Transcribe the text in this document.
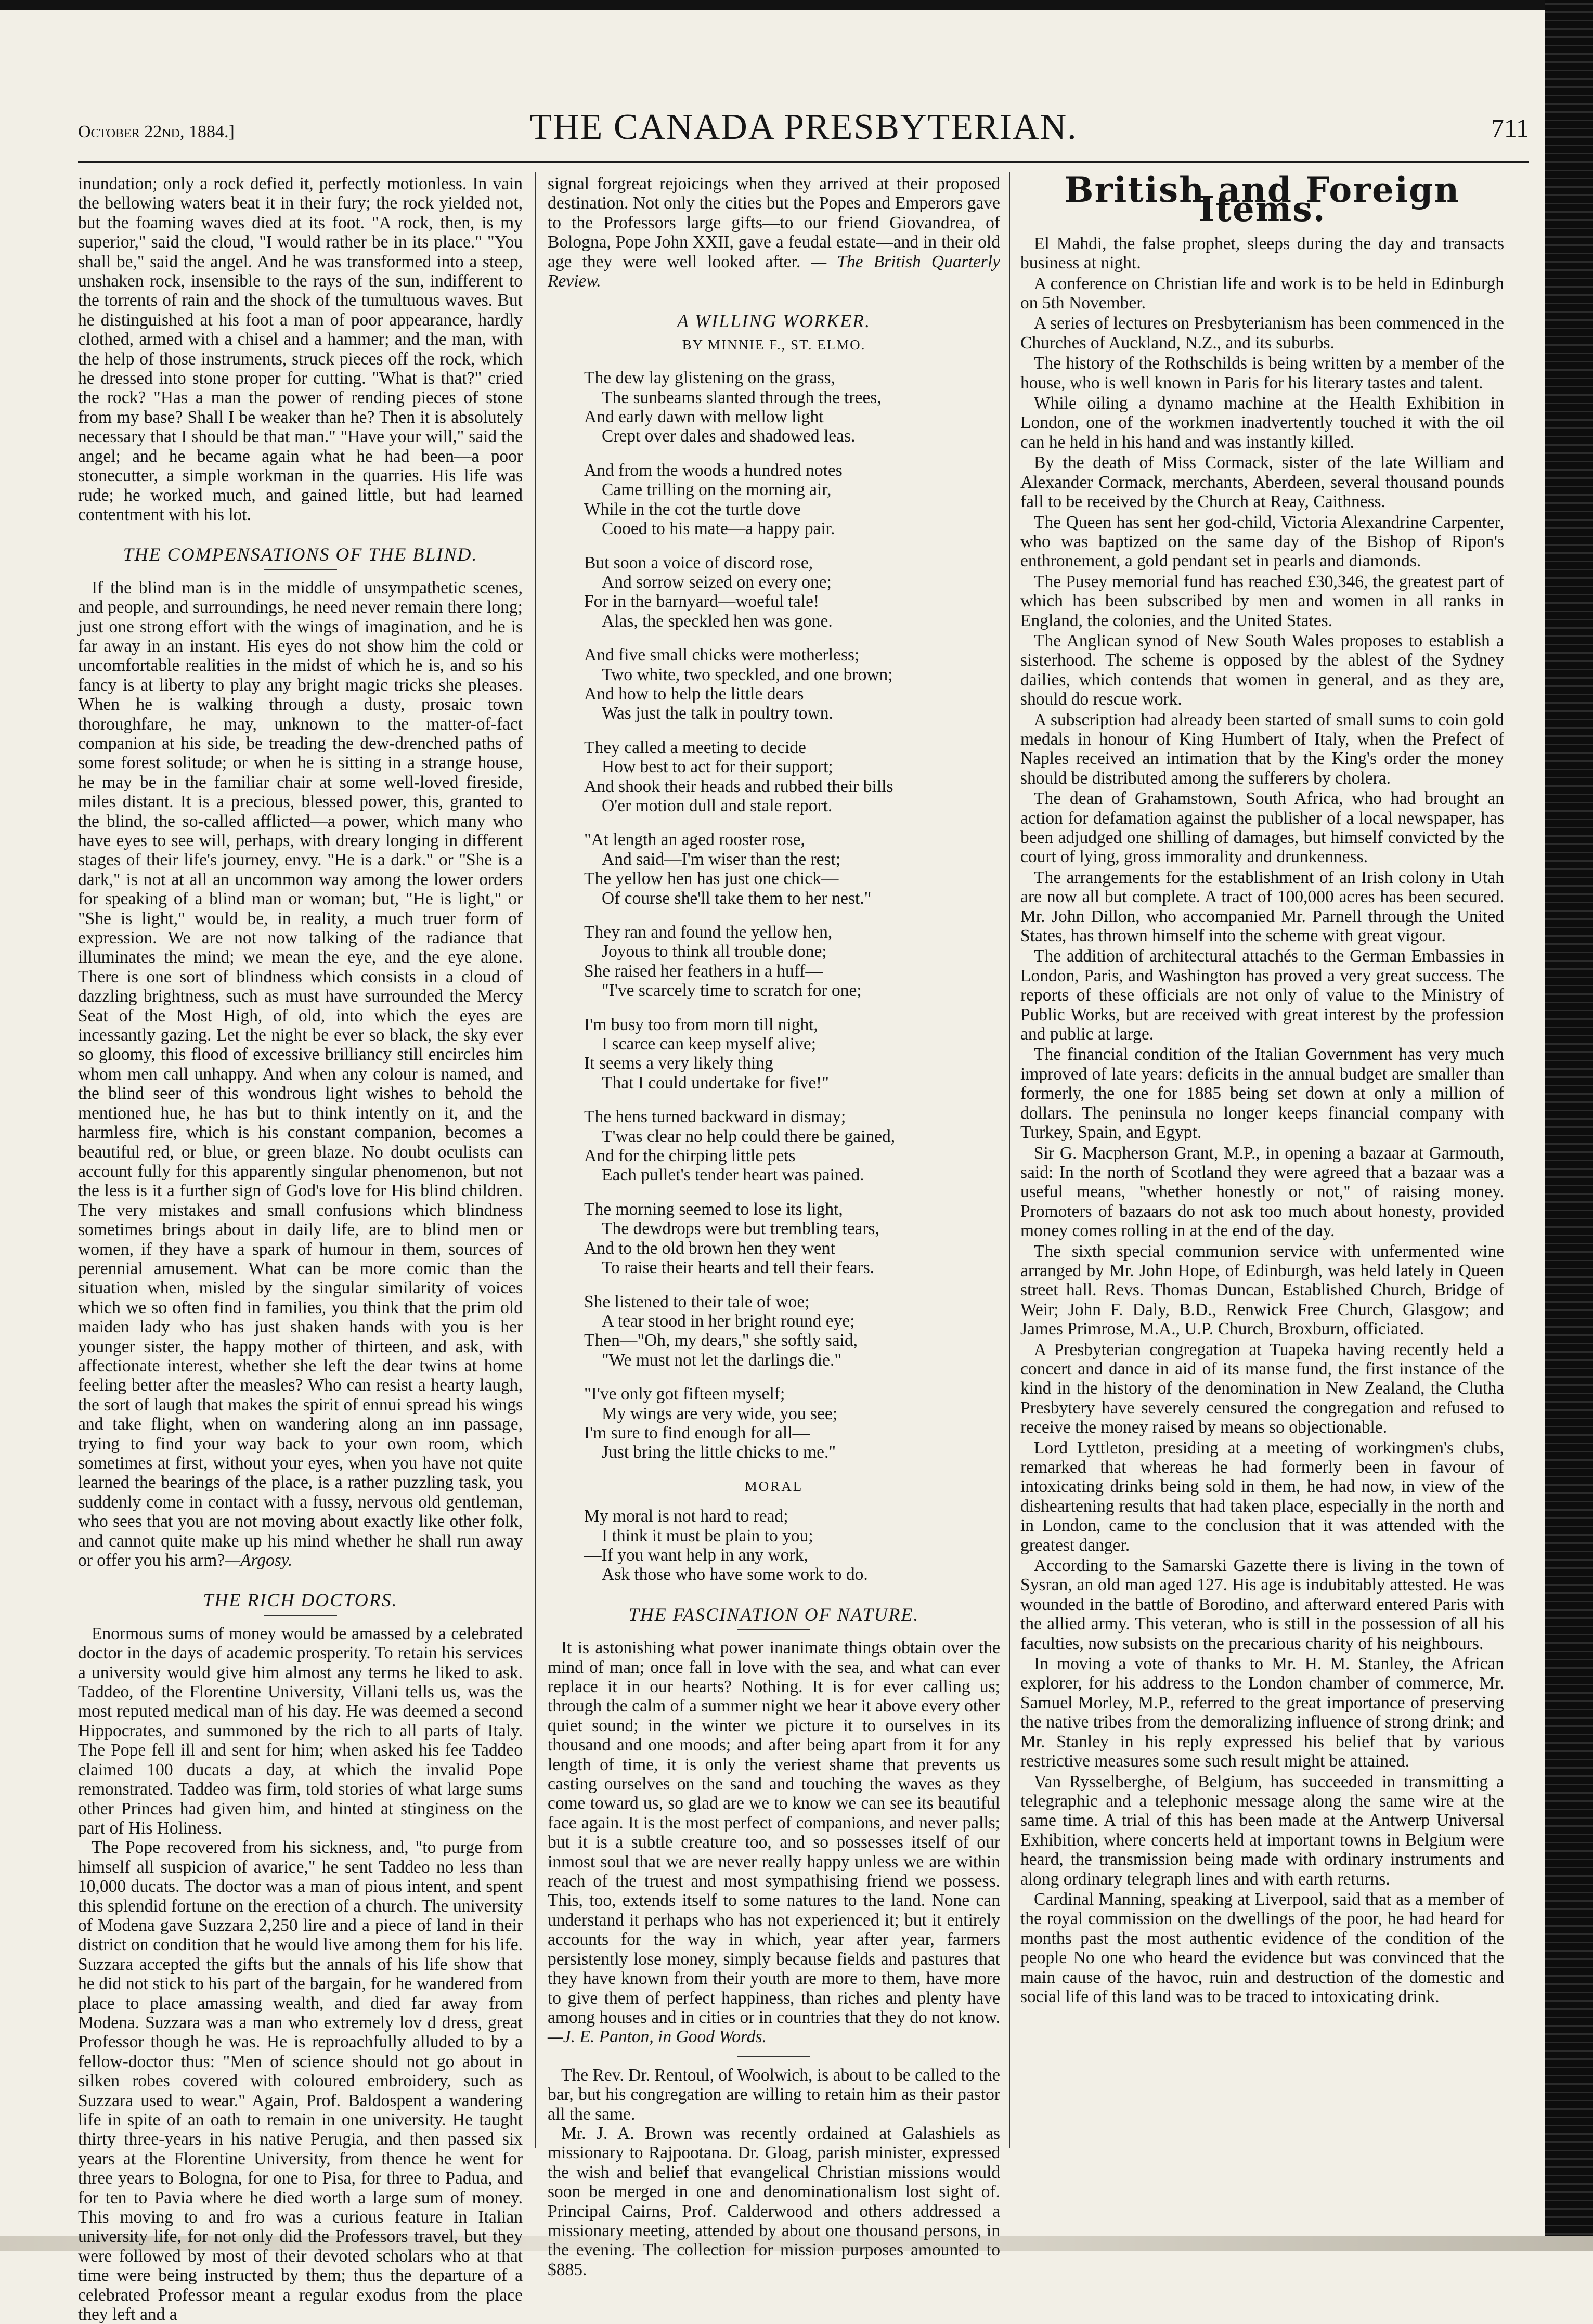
October 22nd, 1884.]	THE CANADA PRESBYTERIAN.	711

inundation; only a rock defied it, perfectly motionless. In vain the bellowing waters beat it in their fury; the rock yielded not, but the foaming waves died at its foot. "A rock, then, is my superior," said the cloud, "I would rather be in its place." "You shall be," said the angel. And he was transformed into a steep, unshaken rock, insensible to the rays of the sun, indifferent to the torrents of rain and the shock of the tumultuous waves. But he distinguished at his foot a man of poor appearance, hardly clothed, armed with a chisel and a hammer; and the man, with the help of those instruments, struck pieces off the rock, which he dressed into stone proper for cutting. "What is that?" cried the rock? "Has a man the power of rending pieces of stone from my base? Shall I be weaker than he? Then it is absolutely necessary that I should be that man." "Have your will," said the angel; and he became again what he had been—a poor stonecutter, a simple workman in the quarries. His life was rude; he worked much, and gained little, but had learned contentment with his lot.

THE COMPENSATIONS OF THE BLIND.

If the blind man is in the middle of unsympathetic scenes, and people, and surroundings, he need never remain there long; just one strong effort with the wings of imagination, and he is far away in an instant. His eyes do not show him the cold or uncomfortable realities in the midst of which he is, and so his fancy is at liberty to play any bright magic tricks she pleases. When he is walking through a dusty, prosaic town thoroughfare, he may, unknown to the matter-of-fact companion at his side, be treading the dew-drenched paths of some forest solitude; or when he is sitting in a strange house, he may be in the familiar chair at some well-loved fireside, miles distant. It is a precious, blessed power, this, granted to the blind, the so-called afflicted—a power, which many who have eyes to see will, perhaps, with dreary longing in different stages of their life's journey, envy. "He is a dark." or "She is a dark," is not at all an uncommon way among the lower orders for speaking of a blind man or woman; but, "He is light," or "She is light," would be, in reality, a much truer form of expression. We are not now talking of the radiance that illuminates the mind; we mean the eye, and the eye alone. There is one sort of blindness which consists in a cloud of dazzling brightness, such as must have surrounded the Mercy Seat of the Most High, of old, into which the eyes are incessantly gazing. Let the night be ever so black, the sky ever so gloomy, this flood of excessive brilliancy still encircles him whom men call unhappy. And when any colour is named, and the blind seer of this wondrous light wishes to behold the mentioned hue, he has but to think intently on it, and the harmless fire, which is his constant companion, becomes a beautiful red, or blue, or green blaze. No doubt oculists can account fully for this apparently singular phenomenon, but not the less is it a further sign of God's love for His blind children. The very mistakes and small confusions which blindness sometimes brings about in daily life, are to blind men or women, if they have a spark of humour in them, sources of perennial amusement. What can be more comic than the situation when, misled by the singular similarity of voices which we so often find in families, you think that the prim old maiden lady who has just shaken hands with you is her younger sister, the happy mother of thirteen, and ask, with affectionate interest, whether she left the dear twins at home feeling better after the measles? Who can resist a hearty laugh, the sort of laugh that makes the spirit of ennui spread his wings and take flight, when on wandering along an inn passage, trying to find your way back to your own room, which sometimes at first, without your eyes, when you have not quite learned the bearings of the place, is a rather puzzling task, you suddenly come in contact with a fussy, nervous old gentleman, who sees that you are not moving about exactly like other folk, and cannot quite make up his mind whether he shall run away or offer you his arm?—Argosy.

THE RICH DOCTORS.

Enormous sums of money would be amassed by a celebrated doctor in the days of academic prosperity. To retain his services a university would give him almost any terms he liked to ask. Taddeo, of the Florentine University, Villani tells us, was the most reputed medical man of his day. He was deemed a second Hippocrates, and summoned by the rich to all parts of Italy. The Pope fell ill and sent for him; when asked his fee Taddeo claimed 100 ducats a day, at which the invalid Pope remonstrated. Taddeo was firm, told stories of what large sums other Princes had given him, and hinted at stinginess on the part of His Holiness.

The Pope recovered from his sickness, and, "to purge from himself all suspicion of avarice," he sent Taddeo no less than 10,000 ducats. The doctor was a man of pious intent, and spent this splendid fortune on the erection of a church. The university of Modena gave Suzzara 2,250 lire and a piece of land in their district on condition that he would live among them for his life. Suzzara accepted the gifts but the annals of his life show that he did not stick to his part of the bargain, for he wandered from place to place amassing wealth, and died far away from Modena. Suzzara was a man who extremely lov d dress, great Professor though he was. He is reproachfully alluded to by a fellow-doctor thus: "Men of science should not go about in silken robes covered with coloured embroidery, such as Suzzara used to wear." Again, Prof. Baldospent a wandering life in spite of an oath to remain in one university. He taught thirty three-years in his native Perugia, and then passed six years at the Florentine University, from thence he went for three years to Bologna, for one to Pisa, for three to Padua, and for ten to Pavia where he died worth a large sum of money. This moving to and fro was a curious feature in Italian university life, for not only did the Professors travel, but they were followed by most of their devoted scholars who at that time were being instructed by them; thus the departure of a celebrated Professor meant a regular exodus from the place they left and a

signal forgreat rejoicings when they arrived at their proposed destination. Not only the cities but the Popes and Emperors gave to the Professors large gifts—to our friend Giovandrea, of Bologna, Pope John XXII, gave a feudal estate—and in their old age they were well looked after. — The British Quarterly Review.

A WILLING WORKER.
BY MINNIE F., ST. ELMO.

The dew lay glistening on the grass,
The sunbeams slanted through the trees,
And early dawn with mellow light
Crept over dales and shadowed leas.

And from the woods a hundred notes
Came trilling on the morning air,
While in the cot the turtle dove
Cooed to his mate—a happy pair.

But soon a voice of discord rose,
And sorrow seized on every one;
For in the barnyard—woeful tale!
Alas, the speckled hen was gone.

And five small chicks were motherless;
Two white, two speckled, and one brown;
And how to help the little dears
Was just the talk in poultry town.

They called a meeting to decide
How best to act for their support;
And shook their heads and rubbed their bills
O'er motion dull and stale report.

"At length an aged rooster rose,
And said—I'm wiser than the rest;
The yellow hen has just one chick—
Of course she'll take them to her nest."

They ran and found the yellow hen,
Joyous to think all trouble done;
She raised her feathers in a huff—
"I've scarcely time to scratch for one;

I'm busy too from morn till night,
I scarce can keep myself alive;
It seems a very likely thing
That I could undertake for five!"

The hens turned backward in dismay;
T'was clear no help could there be gained,
And for the chirping little pets
Each pullet's tender heart was pained.

The morning seemed to lose its light,
The dewdrops were but trembling tears,
And to the old brown hen they went
To raise their hearts and tell their fears.

She listened to their tale of woe;
A tear stood in her bright round eye;
Then—"Oh, my dears," she softly said,
"We must not let the darlings die."

"I've only got fifteen myself;
My wings are very wide, you see;
I'm sure to find enough for all—
Just bring the little chicks to me."

MORAL

My moral is not hard to read;
I think it must be plain to you;
—If you want help in any work,
Ask those who have some work to do.

THE FASCINATION OF NATURE.

It is astonishing what power inanimate things obtain over the mind of man; once fall in love with the sea, and what can ever replace it in our hearts? Nothing. It is for ever calling us; through the calm of a summer night we hear it above every other quiet sound; in the winter we picture it to ourselves in its thousand and one moods; and after being apart from it for any length of time, it is only the veriest shame that prevents us casting ourselves on the sand and touching the waves as they come toward us, so glad are we to know we can see its beautiful face again. It is the most perfect of companions, and never palls; but it is a subtle creature too, and so possesses itself of our inmost soul that we are never really happy unless we are within reach of the truest and most sympathising friend we possess. This, too, extends itself to some natures to the land. None can understand it perhaps who has not experienced it; but it entirely accounts for the way in which, year after year, farmers persistently lose money, simply because fields and pastures that they have known from their youth are more to them, have more to give them of perfect happiness, than riches and plenty have among houses and in cities or in countries that they do not know. —J. E. Panton, in Good Words.

The Rev. Dr. Rentoul, of Woolwich, is about to be called to the bar, but his congregation are willing to retain him as their pastor all the same.

Mr. J. A. Brown was recently ordained at Galashiels as missionary to Rajpootana. Dr. Gloag, parish minister, expressed the wish and belief that evangelical Christian missions would soon be merged in one and denominationalism lost sight of. Principal Cairns, Prof. Calderwood and others addressed a missionary meeting, attended by about one thousand persons, in the evening. The collection for mission purposes amounted to $885.

British and Foreign Items.

El Mahdi, the false prophet, sleeps during the day and transacts business at night.

A conference on Christian life and work is to be held in Edinburgh on 5th November.

A series of lectures on Presbyterianism has been commenced in the Churches of Auckland, N.Z., and its suburbs.

The history of the Rothschilds is being written by a member of the house, who is well known in Paris for his literary tastes and talent.

While oiling a dynamo machine at the Health Exhibition in London, one of the workmen inadvertently touched it with the oil can he held in his hand and was instantly killed.

By the death of Miss Cormack, sister of the late William and Alexander Cormack, merchants, Aberdeen, several thousand pounds fall to be received by the Church at Reay, Caithness.

The Queen has sent her god-child, Victoria Alexandrine Carpenter, who was baptized on the same day of the Bishop of Ripon's enthronement, a gold pendant set in pearls and diamonds.

The Pusey memorial fund has reached £30,346, the greatest part of which has been subscribed by men and women in all ranks in England, the colonies, and the United States.

The Anglican synod of New South Wales proposes to establish a sisterhood. The scheme is opposed by the ablest of the Sydney dailies, which contends that women in general, and as they are, should do rescue work.

A subscription had already been started of small sums to coin gold medals in honour of King Humbert of Italy, when the Prefect of Naples received an intimation that by the King's order the money should be distributed among the sufferers by cholera.

The dean of Grahamstown, South Africa, who had brought an action for defamation against the publisher of a local newspaper, has been adjudged one shilling of damages, but himself convicted by the court of lying, gross immorality and drunkenness.

The arrangements for the establishment of an Irish colony in Utah are now all but complete. A tract of 100,000 acres has been secured. Mr. John Dillon, who accompanied Mr. Parnell through the United States, has thrown himself into the scheme with great vigour.

The addition of architectural attachés to the German Embassies in London, Paris, and Washington has proved a very great success. The reports of these officials are not only of value to the Ministry of Public Works, but are received with great interest by the profession and public at large.

The financial condition of the Italian Government has very much improved of late years: deficits in the annual budget are smaller than formerly, the one for 1885 being set down at only a million of dollars. The peninsula no longer keeps financial company with Turkey, Spain, and Egypt.

Sir G. Macpherson Grant, M.P., in opening a bazaar at Garmouth, said: In the north of Scotland they were agreed that a bazaar was a useful means, "whether honestly or not," of raising money. Promoters of bazaars do not ask too much about honesty, provided money comes rolling in at the end of the day.

The sixth special communion service with unfermented wine arranged by Mr. John Hope, of Edinburgh, was held lately in Queen street hall. Revs. Thomas Duncan, Established Church, Bridge of Weir; John F. Daly, B.D., Renwick Free Church, Glasgow; and James Primrose, M.A., U.P. Church, Broxburn, officiated.

A Presbyterian congregation at Tuapeka having recently held a concert and dance in aid of its manse fund, the first instance of the kind in the history of the denomination in New Zealand, the Clutha Presbytery have severely censured the congregation and refused to receive the money raised by means so objectionable.

Lord Lyttleton, presiding at a meeting of workingmen's clubs, remarked that whereas he had formerly been in favour of intoxicating drinks being sold in them, he had now, in view of the disheartening results that had taken place, especially in the north and in London, came to the conclusion that it was attended with the greatest danger.

According to the Samarski Gazette there is living in the town of Sysran, an old man aged 127. His age is indubitably attested. He was wounded in the battle of Borodino, and afterward entered Paris with the allied army. This veteran, who is still in the possession of all his faculties, now subsists on the precarious charity of his neighbours.

In moving a vote of thanks to Mr. H. M. Stanley, the African explorer, for his address to the London chamber of commerce, Mr. Samuel Morley, M.P., referred to the great importance of preserving the native tribes from the demoralizing influence of strong drink; and Mr. Stanley in his reply expressed his belief that by various restrictive measures some such result might be attained.

Van Rysselberghe, of Belgium, has succeeded in transmitting a telegraphic and a telephonic message along the same wire at the same time. A trial of this has been made at the Antwerp Universal Exhibition, where concerts held at important towns in Belgium were heard, the transmission being made with ordinary instruments and along ordinary telegraph lines and with earth returns.

Cardinal Manning, speaking at Liverpool, said that as a member of the royal commission on the dwellings of the poor, he had heard for months past the most authentic evidence of the condition of the people No one who heard the evidence but was convinced that the main cause of the havoc, ruin and destruction of the domestic and social life of this land was to be traced to intoxicating drink.
